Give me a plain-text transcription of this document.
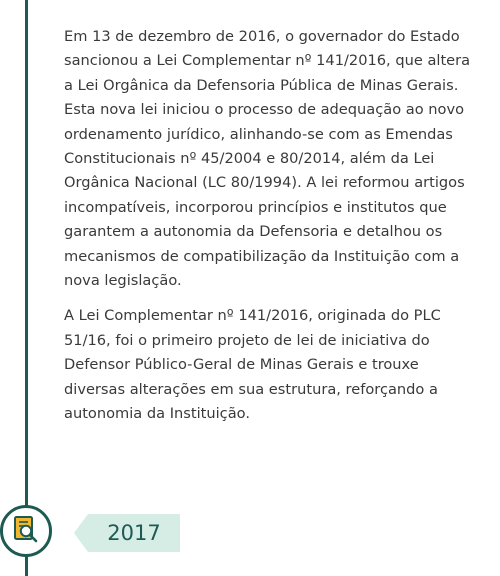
Em 13 de dezembro de 2016, o governador do Estado sancionou a Lei Complementar nº 141/2016, que altera a Lei Orgânica da Defensoria Pública de Minas Gerais. Esta nova lei iniciou o processo de adequação ao novo ordenamento jurídico, alinhando-se com as Emendas Constitucionais nº 45/2004 e 80/2014, além da Lei Orgânica Nacional (LC 80/1994). A lei reformou artigos incompatíveis, incorporou princípios e institutos que garantem a autonomia da Defensoria e detalhou os mecanismos de compatibilização da Instituição com a nova legislação.

A Lei Complementar nº 141/2016, originada do PLC 51/16, foi o primeiro projeto de lei de iniciativa do Defensor Público-Geral de Minas Gerais e trouxe diversas alterações em sua estrutura, reforçando a autonomia da Instituição.

2017
